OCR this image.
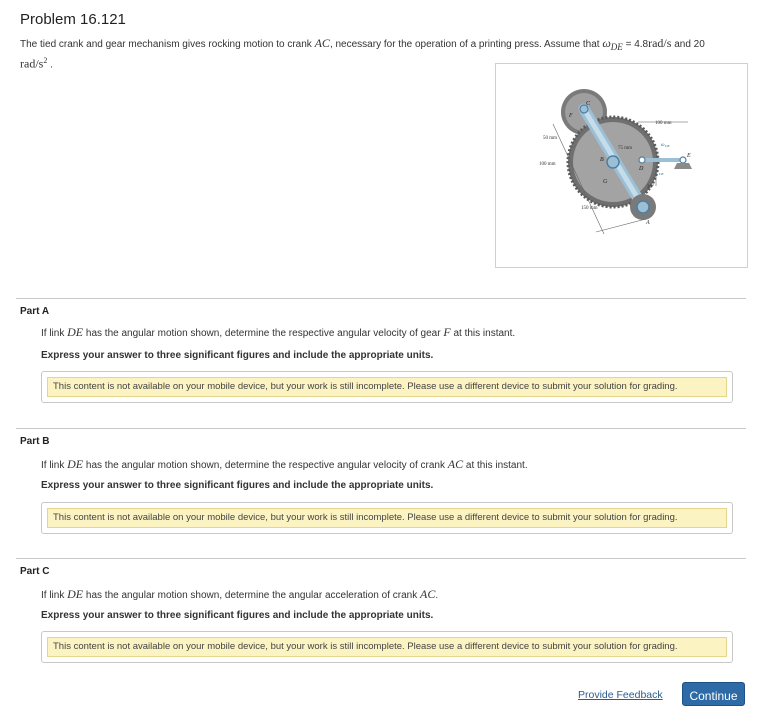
Problem 16.121
The tied crank and gear mechanism gives rocking motion to crank AC, necessary for the operation of a printing press. Assume that $\omega_{DE} = 4.8rad/s$ and 20
rad/$s^2$ .
100 mm
50 mm
100 mm
75 mm
150 mm
C
F
B
G
D
E
A
ω DE
α DE
30°
Part A
If link DE has the angular motion shown, determine the respective angular velocity of gear F at this instant.
Express your answer to three significant figures and include the appropriate units.
This content is not available on your mobile device, but your work is still incomplete. Please use a different device to submit your solution for grading.
Part B
If link DE has the angular motion shown, determine the respective angular velocity of crank AC at this instant.
Express your answer to three significant figures and include the appropriate units.
This content is not available on your mobile device, but your work is still incomplete. Please use a different device to submit your solution for grading.
Part C
If link DE has the angular motion shown, determine the angular acceleration of crank AC.
Express your answer to three significant figures and include the appropriate units.
This content is not available on your mobile device, but your work is still incomplete. Please use a different device to submit your solution for grading.
Provide Feedback	Continue
